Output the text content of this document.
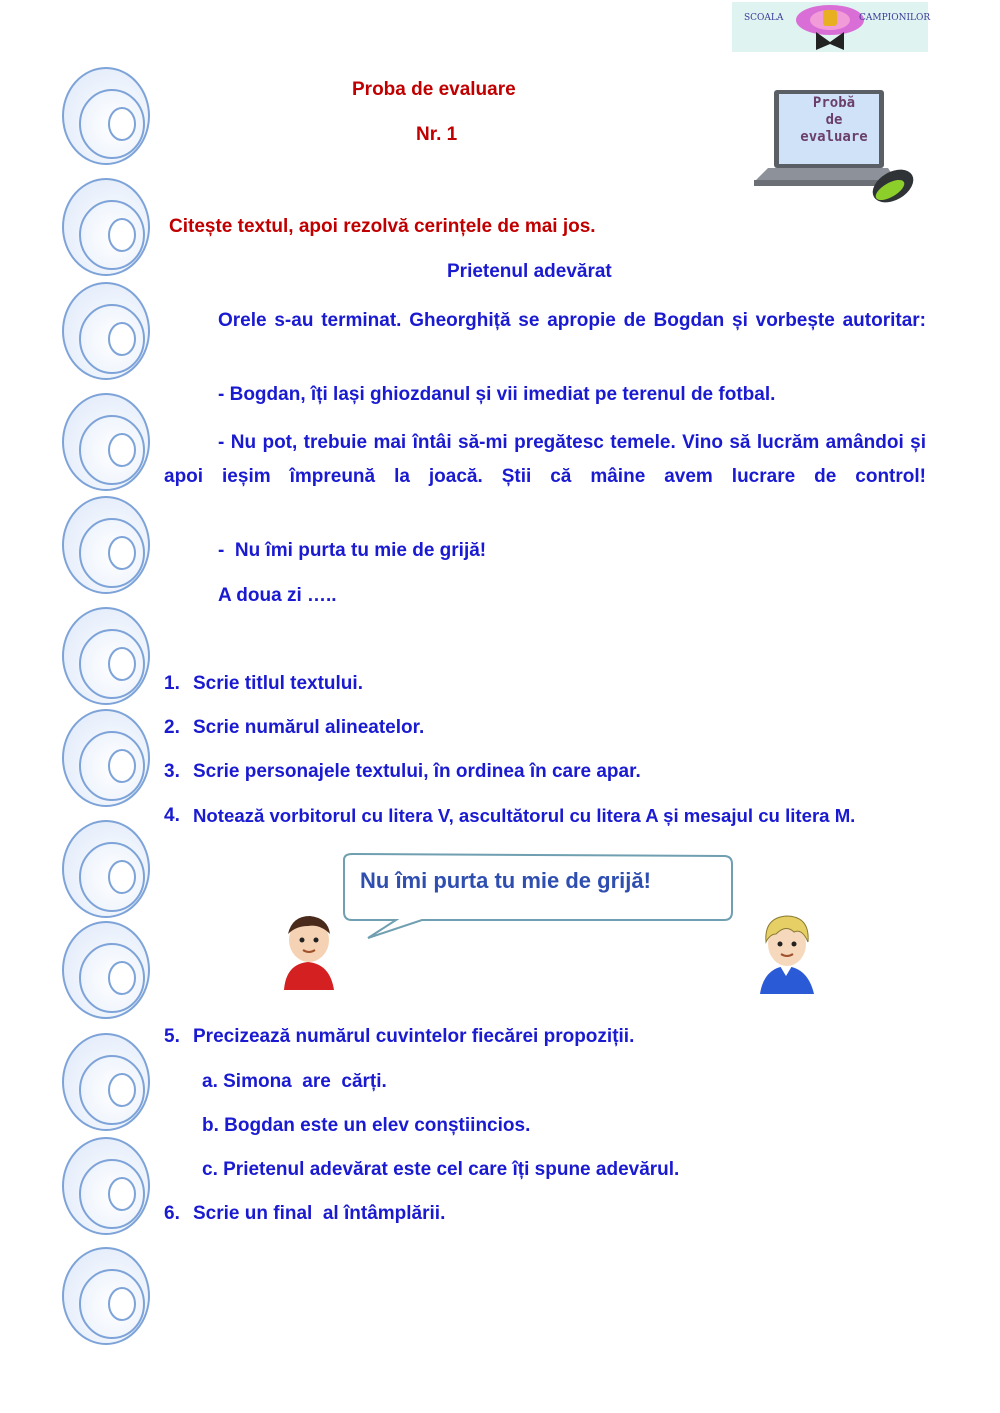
SCOALA	CAMPIONILOR
Probă
de
evaluare
Proba de evaluare
Nr. 1
Citește textul, apoi rezolvă cerințele de mai jos.
Prietenul adevărat
Orele s-au terminat. Gheorghiță se apropie de Bogdan și vorbește autoritar:
- Bogdan, îți lași ghiozdanul și vii imediat pe terenul de fotbal.
- Nu pot, trebuie mai întâi să-mi pregătesc temele. Vino să lucrăm amândoi și apoi ieșim împreună la joacă. Știi că mâine avem lucrare de control!
-  Nu îmi purta tu mie de grijă!
A doua zi …..
1. Scrie titlul textului.
2. Scrie numărul alineatelor.
3. Scrie personajele textului, în ordinea în care apar.
4. Notează vorbitorul cu litera V, ascultătorul cu litera A și mesajul cu litera M.
Nu îmi purta tu mie de grijă!
5. Precizează numărul cuvintelor fiecărei propoziții.
a. Simona  are  cărți.
b. Bogdan este un elev conștiincios.
c. Prietenul adevărat este cel care îți spune adevărul.
6. Scrie un final  al întâmplării.
